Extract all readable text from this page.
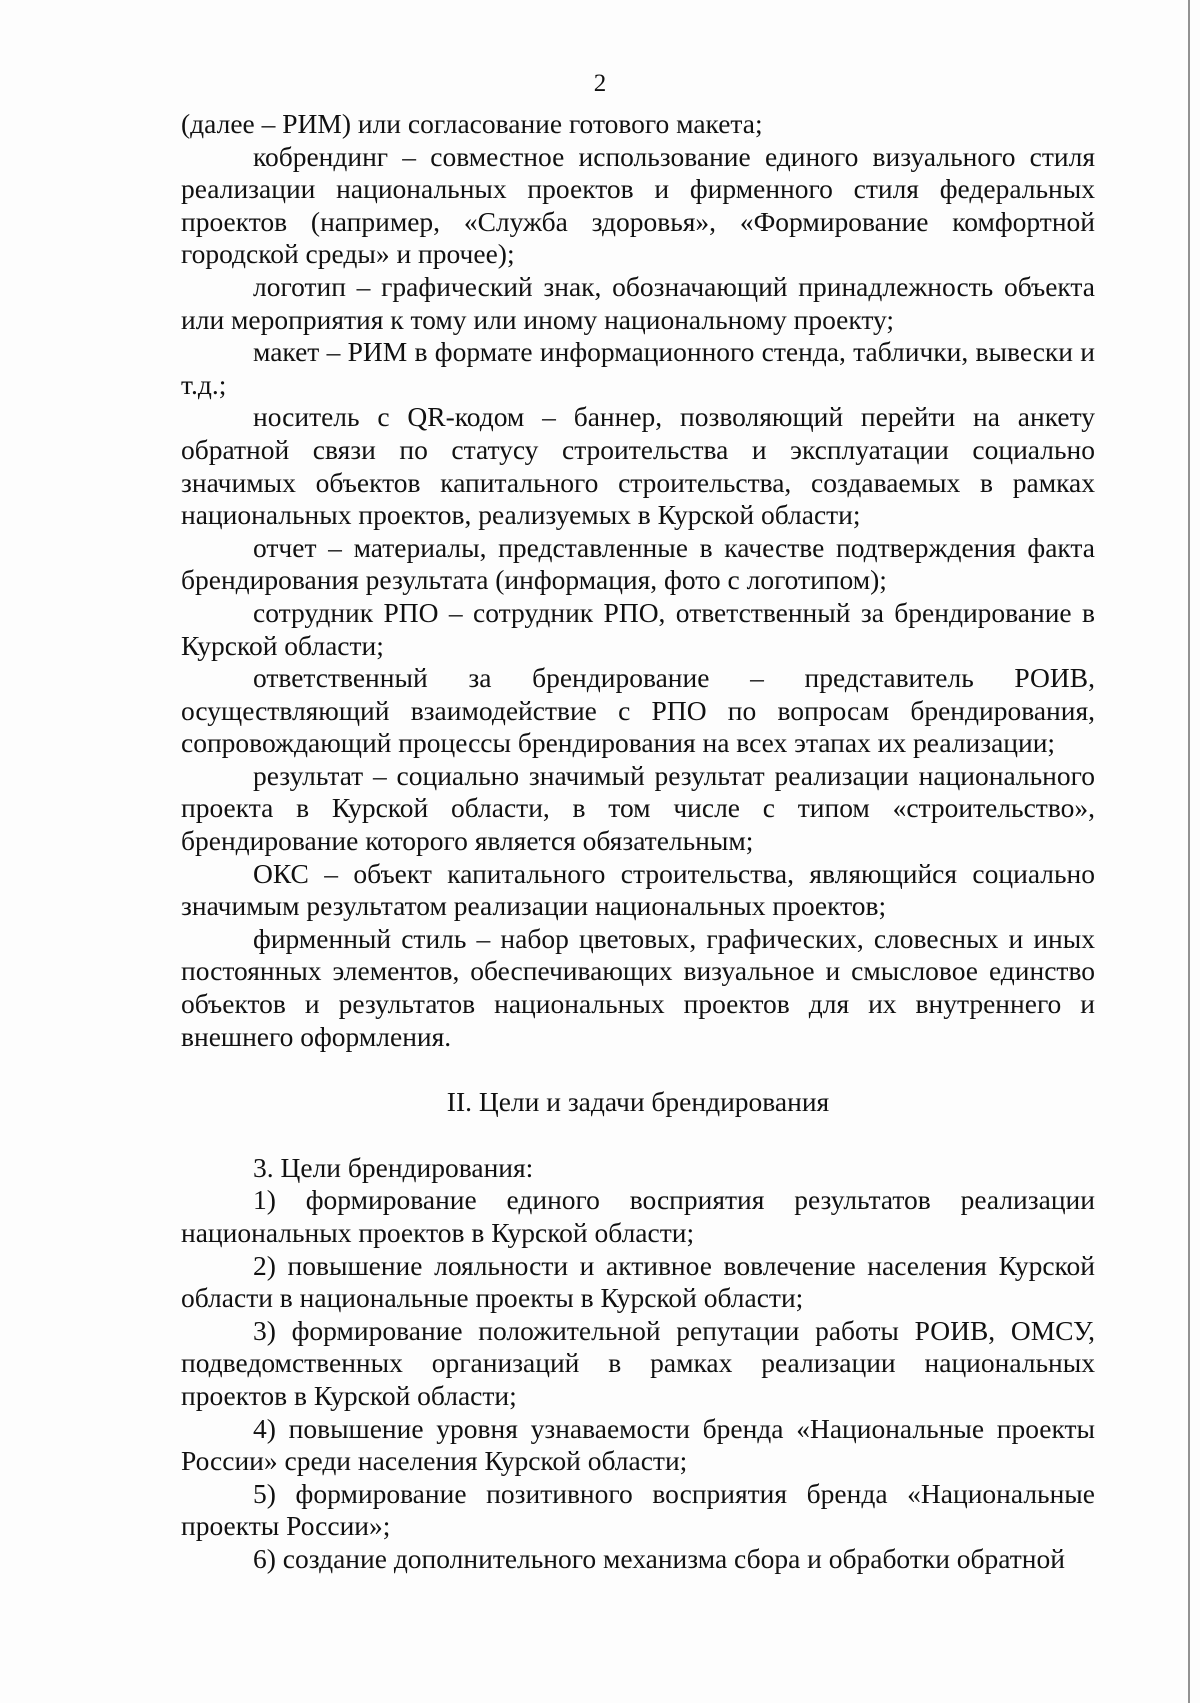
2

(далее – РИМ) или согласование готового макета;

кобрендинг – совместное использование единого визуального стиля реализации национальных проектов и фирменного стиля федеральных проектов (например, «Служба здоровья», «Формирование комфортной городской среды» и прочее);

логотип – графический знак, обозначающий принадлежность объекта или мероприятия к тому или иному национальному проекту;

макет – РИМ в формате информационного стенда, таблички, вывески и т.д.;

носитель с QR-кодом – баннер, позволяющий перейти на анкету обратной связи по статусу строительства и эксплуатации социально значимых объектов капитального строительства, создаваемых в рамках национальных проектов, реализуемых в Курской области;

отчет – материалы, представленные в качестве подтверждения факта брендирования результата (информация, фото с логотипом);

сотрудник РПО – сотрудник РПО, ответственный за брендирование в Курской области;

ответственный за брендирование – представитель РОИВ, осуществляющий взаимодействие с РПО по вопросам брендирования, сопровождающий процессы брендирования на всех этапах их реализации;

результат – социально значимый результат реализации национального проекта в Курской области, в том числе с типом «строительство», брендирование которого является обязательным;

ОКС – объект капитального строительства, являющийся социально значимым результатом реализации национальных проектов;

фирменный стиль – набор цветовых, графических, словесных и иных постоянных элементов, обеспечивающих визуальное и смысловое единство объектов и результатов национальных проектов для их внутреннего и внешнего оформления.

II. Цели и задачи брендирования

3. Цели брендирования:

1) формирование единого восприятия результатов реализации национальных проектов в Курской области;

2) повышение лояльности и активное вовлечение населения Курской области в национальные проекты в Курской области;

3) формирование положительной репутации работы РОИВ, ОМСУ, подведомственных организаций в рамках реализации национальных проектов в Курской области;

4) повышение уровня узнаваемости бренда «Национальные проекты России» среди населения Курской области;

5) формирование позитивного восприятия бренда «Национальные проекты России»;

6) создание дополнительного механизма сбора и обработки обратной
